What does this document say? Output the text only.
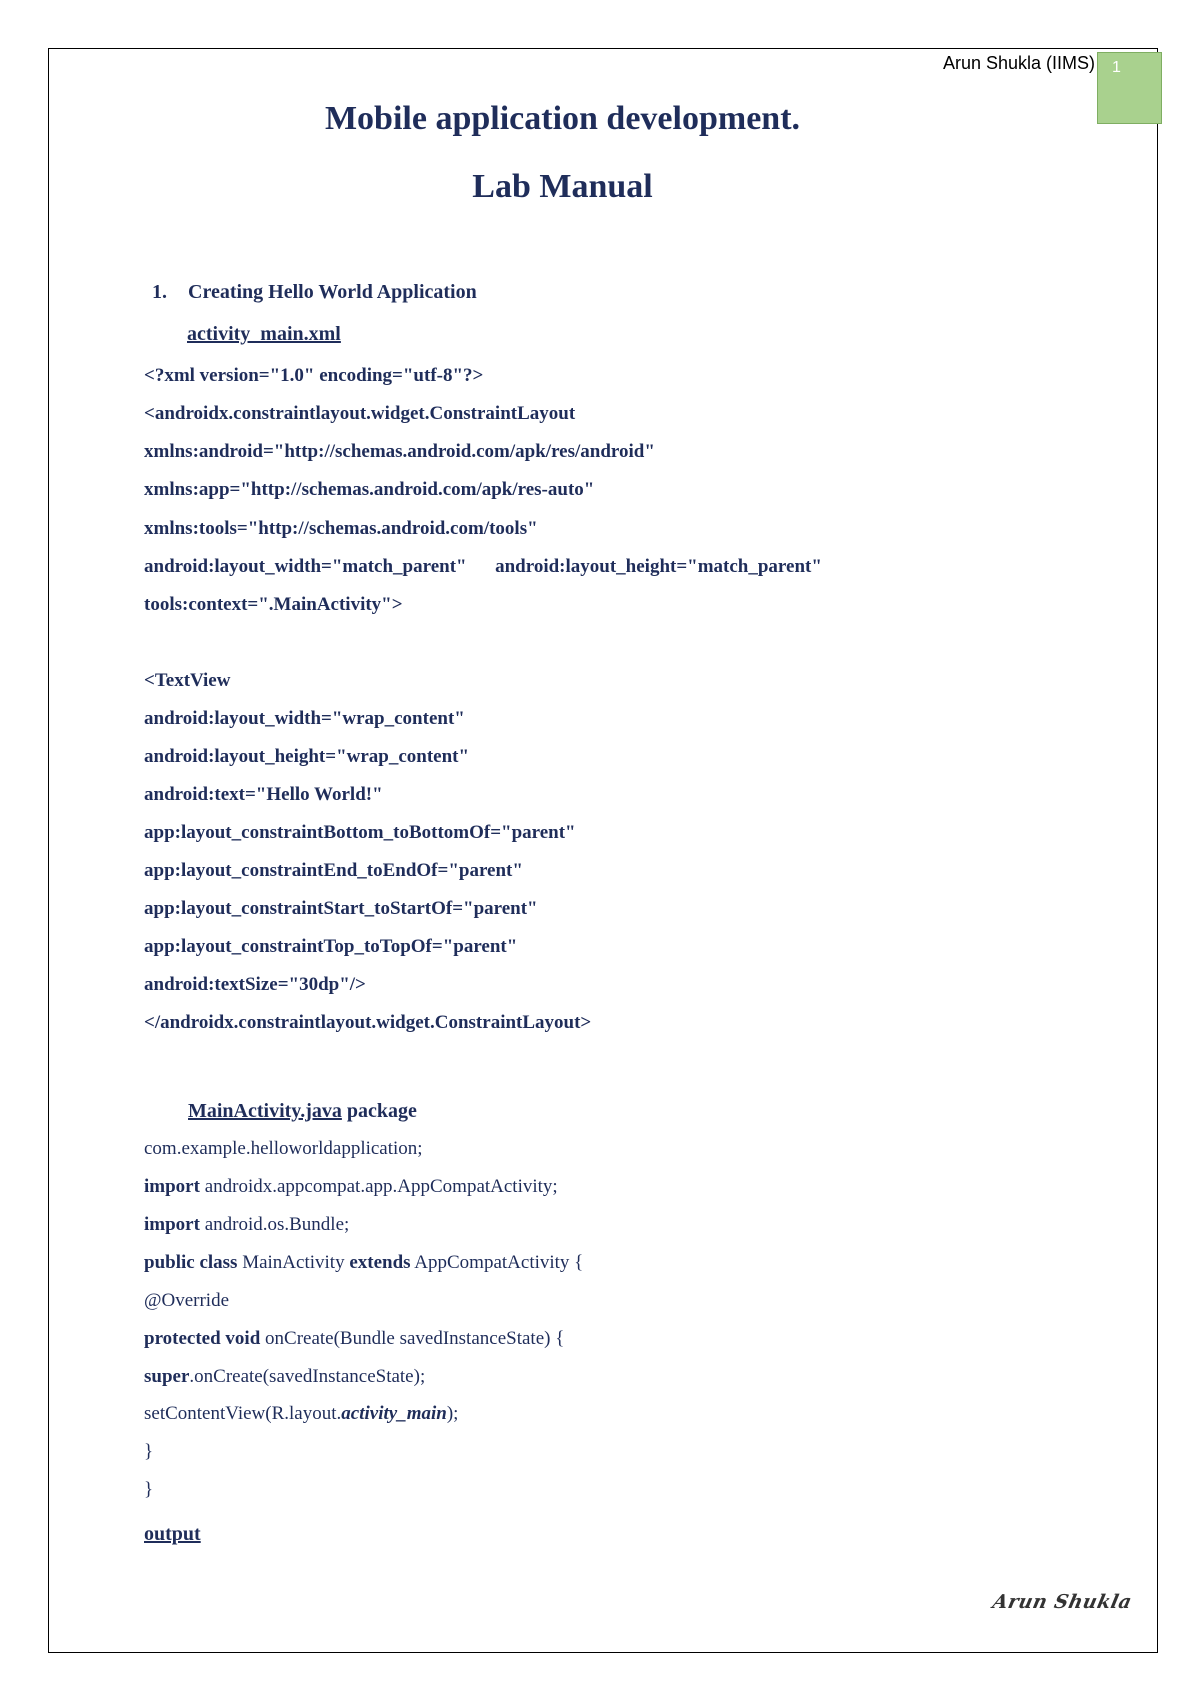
Arun Shukla (IIMS) 1
Mobile application development.
Lab Manual
1. Creating Hello World Application
activity_main.xml
<?xml version="1.0" encoding="utf-8"?>
<androidx.constraintlayout.widget.ConstraintLayout
xmlns:android="http://schemas.android.com/apk/res/android"
xmlns:app="http://schemas.android.com/apk/res-auto"
xmlns:tools="http://schemas.android.com/tools"
android:layout_width="match_parent"      android:layout_height="match_parent"
tools:context=".MainActivity">
<TextView
android:layout_width="wrap_content"
android:layout_height="wrap_content"
android:text="Hello World!"
app:layout_constraintBottom_toBottomOf="parent"
app:layout_constraintEnd_toEndOf="parent"
app:layout_constraintStart_toStartOf="parent"
app:layout_constraintTop_toTopOf="parent"
android:textSize="30dp"/>
</androidx.constraintlayout.widget.ConstraintLayout>
MainActivity.java package
com.example.helloworldapplication;
import androidx.appcompat.app.AppCompatActivity;
import android.os.Bundle;
public class MainActivity extends AppCompatActivity {
@Override
protected void onCreate(Bundle savedInstanceState) {
super.onCreate(savedInstanceState);
setContentView(R.layout.activity_main);
}
}
output
Arun Shukla
